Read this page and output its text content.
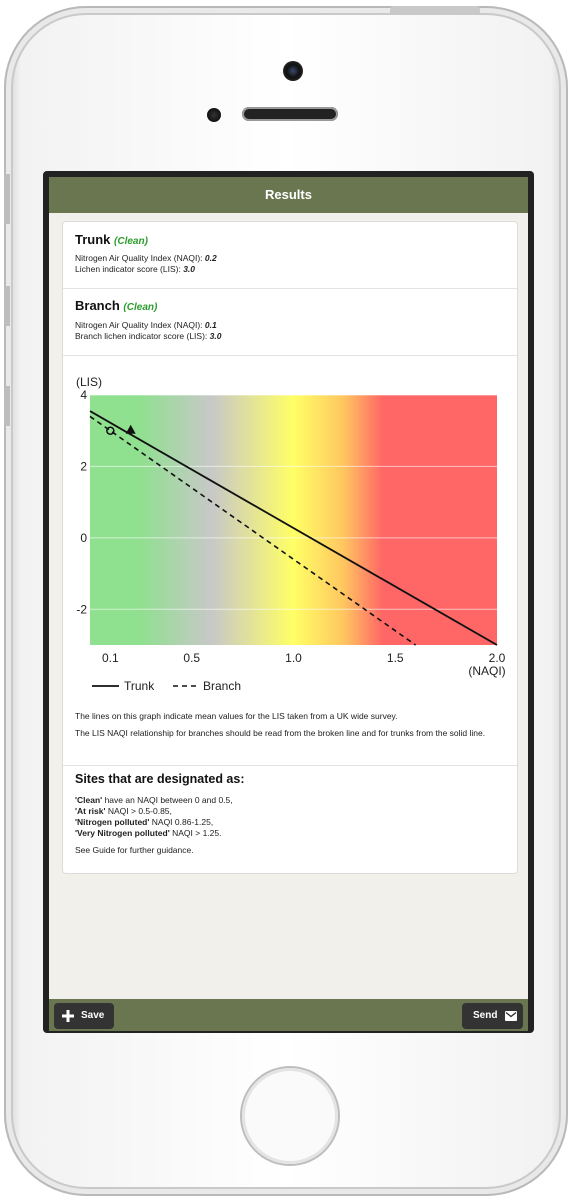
Results
Trunk (Clean)
Nitrogen Air Quality Index (NAQI): 0.2
Lichen indicator score (LIS): 3.0
Branch (Clean)
Nitrogen Air Quality Index (NAQI): 0.1
Branch lichen indicator score (LIS): 3.0
4
2
0
-2
0.1	0.5	1.0	1.5	2.0
(LIS)
(NAQI)
Trunk	Branch
The lines on this graph indicate mean values for the LIS taken from a UK wide survey.
The LIS NAQI relationship for branches should be read from the broken line and for trunks from the solid line.
Sites that are designated as:
'Clean' have an NAQI between 0 and 0.5,
'At risk' NAQI > 0.5-0.85,
'Nitrogen polluted' NAQI 0.86-1.25,
'Very Nitrogen polluted' NAQI > 1.25.
See Guide for further guidance.
Save	Send
